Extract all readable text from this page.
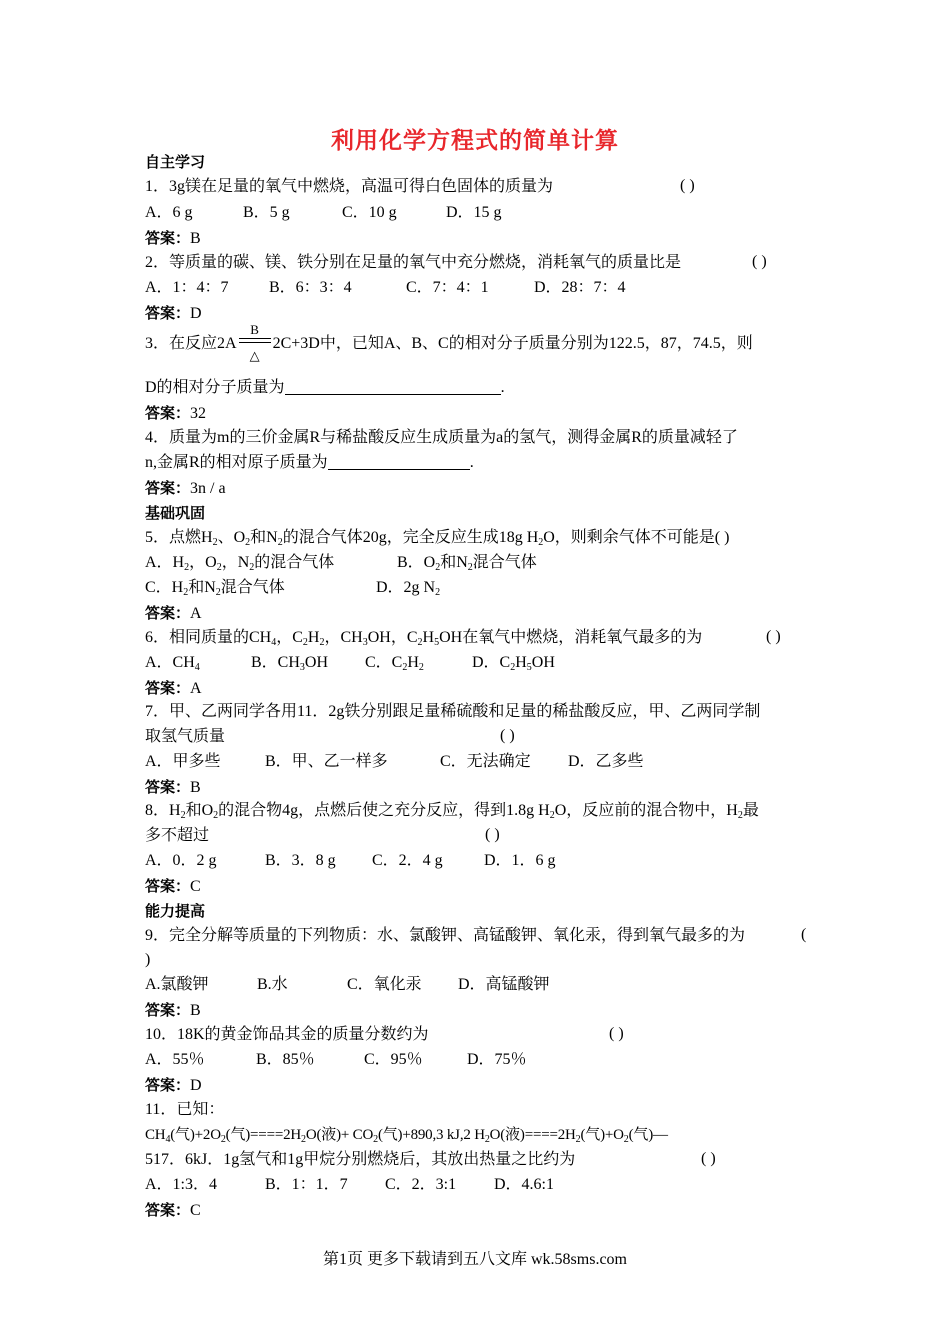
利用化学方程式的简单计算
自主学习
1．3g镁在足量的氧气中燃烧，高温可得白色固体的质量为	( )
A．6 g	B．5 g	C．10 g	D．15 g
答案：B
2．等质量的碳、镁、铁分别在足量的氧气中充分燃烧，消耗氧气的质量比是	( )
A．1：4：7	B．6：3：4	C．7：4：1	D．28：7：4
答案：D
3．在反应2A
B
△
2C+3D中，已知A、B、C的相对分子质量分别为122.5，87，74.5，则
D的相对分子质量为	.
答案：32
4．质量为m的三价金属R与稀盐酸反应生成质量为a的氢气，测得金属R的质量减轻了
n,金属R的相对原子质量为	.
答案：3n / a
基础巩固
5．点燃$H_2$、$O_2$和$N_2$的混合气体20g，完全反应生成18g $H_2O$，则剩余气体不可能是( )
A．$H_2$，$O_2$，$N_2$的混合气体	B．$O_2$和$N_2$混合气体
C．$H_2$和$N_2$混合气体	D．2g $N_2$
答案：A
6．相同质量的$CH_4$，$C_2H_2$，$CH_3OH$，$C_2H_5OH$在氧气中燃烧，消耗氧气最多的为	( )
A．$CH_4$	B．$CH_3OH$ C．$C_2H_2$	D．$C_2H_5OH$
答案：A
7．甲、乙两同学各用11．2g铁分别跟足量稀硫酸和足量的稀盐酸反应，甲、乙两同学制
取氢气质量	( )
A．甲多些	B．甲、乙一样多	C．无法确定 D．乙多些
答案：B
8．$H_2$和$O_2$的混合物4g，点燃后使之充分反应，得到1.8g $H_2O$，反应前的混合物中，$H_2$最
多不超过	( )
A．0．2 g	B．3．8 g C．2．4 g	D．1．6 g
答案：C
能力提高
9．完全分解等质量的下列物质：水、氯酸钾、高锰酸钾、氧化汞，得到氧气最多的为	(
)
A.氯酸钾	B.水	C．氧化汞 D．高锰酸钾
答案：B
10．18K的黄金饰品其金的质量分数约为	( )
A．55％	B．85％	C．95％	D．75％
答案：D
11．已知：
$CH_4$(气)$+2O_2$(气)$====2H_2O$(液)+ $CO_2$(气)+890,3 kJ,2 $H_2O$(液)$====2H_2$(气)$+O_2$(气)—
517．6kJ．1g氢气和1g甲烷分别燃烧后，其放出热量之比约为	( )
A．1:3．4	B．1：1．7 C．2．3:1 D．4.6:1
答案：C
第1页 更多下载请到五八文库 wk.58sms.com
